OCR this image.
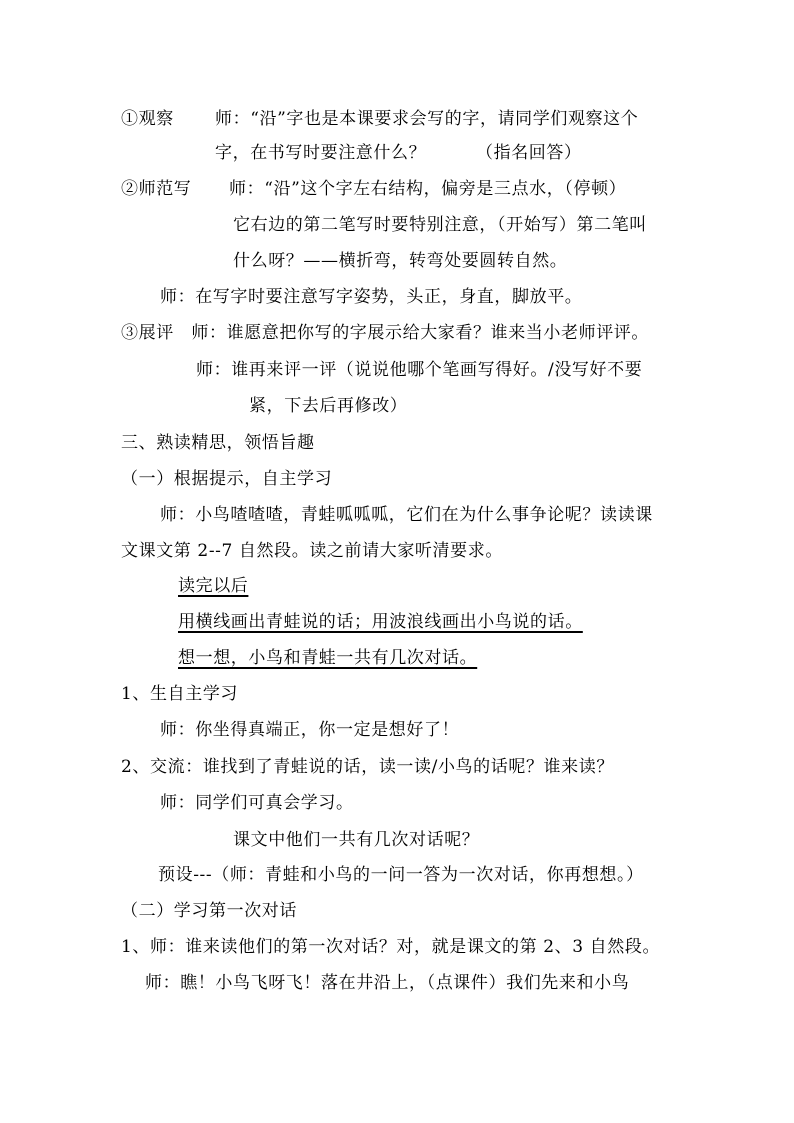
①观察 师：“沿”字也是本课要求会写的字，请同学们观察这个
字，在书写时要注意什么？	（指名回答）
②师范写 师：“沿”这个字左右结构，偏旁是三点水，（停顿）
它右边的第二笔写时要特别注意，（开始写）第二笔叫
什么呀？——横折弯，转弯处要圆转自然。
师：在写字时要注意写字姿势，头正，身直，脚放平。
③展评　师：谁愿意把你写的字展示给大家看？谁来当小老师评评。
师：谁再来评一评（说说他哪个笔画写得好。/没写好不要
紧，下去后再修改）
三、熟读精思，领悟旨趣
（一）根据提示，自主学习
师：小鸟喳喳喳，青蛙呱呱呱，它们在为什么事争论呢？读读课
文课文第 2--7 自然段。读之前请大家听清要求。
读完以后
用横线画出青蛙说的话；用波浪线画出小鸟说的话。
想一想，小鸟和青蛙一共有几次对话。
1、生自主学习
师：你坐得真端正，你一定是想好了！
2、交流：谁找到了青蛙说的话，读一读/小鸟的话呢？谁来读？
师：同学们可真会学习。
课文中他们一共有几次对话呢？
预设---（师：青蛙和小鸟的一问一答为一次对话，你再想想。）
（二）学习第一次对话
1、师：谁来读他们的第一次对话？对，就是课文的第 2、3 自然段。
师：瞧！小鸟飞呀飞！落在井沿上，（点课件）我们先来和小鸟
